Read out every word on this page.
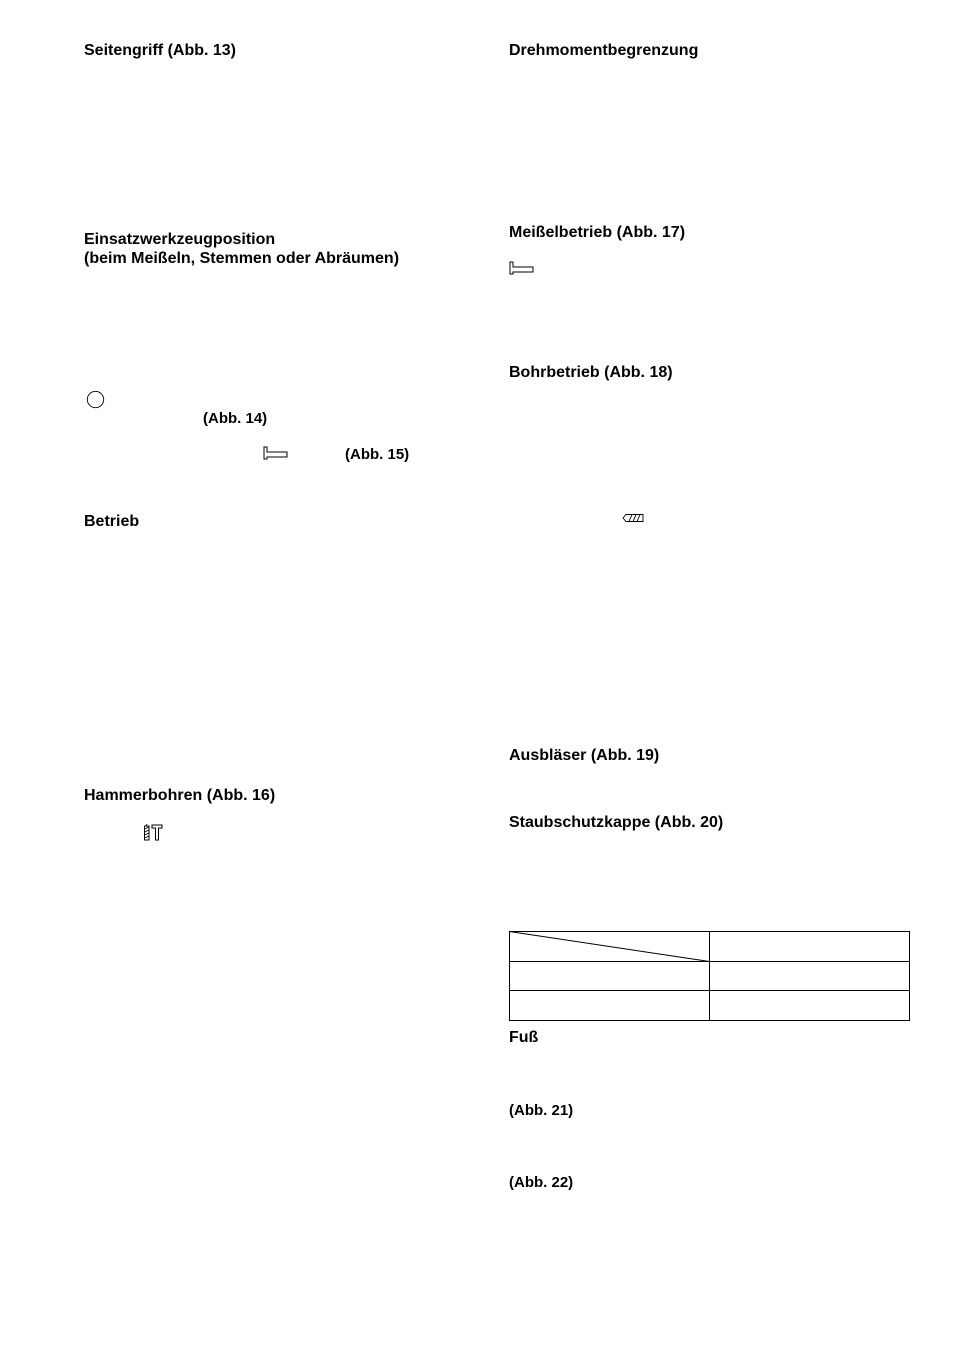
Seitengriff (Abb. 13)
Einsatzwerkzeugposition
(beim Meißeln, Stemmen oder Abräumen)
(Abb. 14)
(Abb. 15)
Betrieb
Hammerbohren (Abb. 16)
Drehmomentbegrenzung
Meißelbetrieb (Abb. 17)
Bohrbetrieb (Abb. 18)
Ausbläser (Abb. 19)
Staubschutzkappe (Abb. 20)
Fuß
(Abb. 21)
(Abb. 22)
